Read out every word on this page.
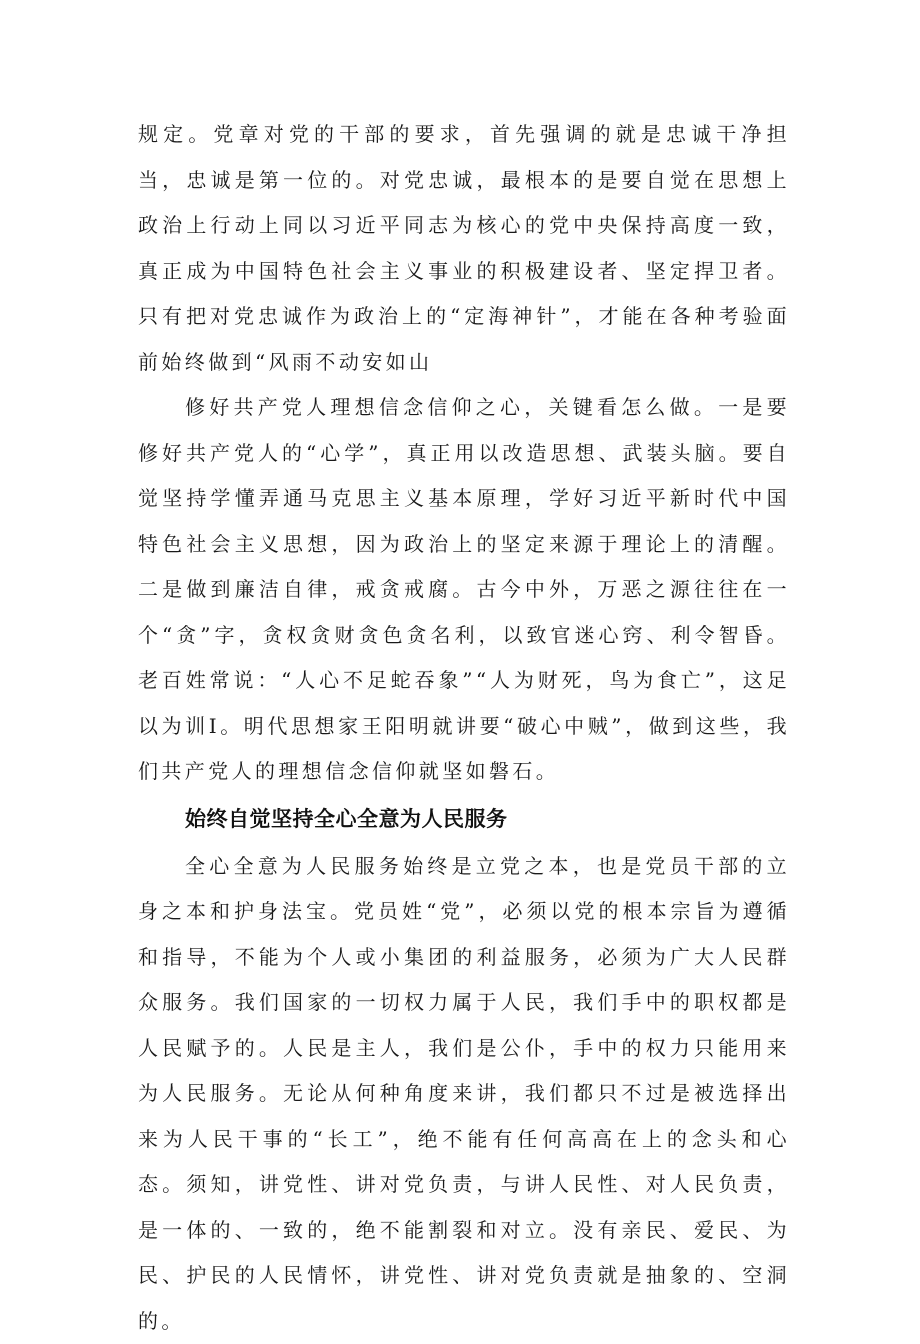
规定。党章对党的干部的要求，首先强调的就是忠诚干净担当，忠诚是第一位的。对党忠诚，最根本的是要自觉在思想上政治上行动上同以习近平同志为核心的党中央保持高度一致，真正成为中国特色社会主义事业的积极建设者、坚定捍卫者。只有把对党忠诚作为政治上的“定海神针”，才能在各种考验面前始终做到“风雨不动安如山

修好共产党人理想信念信仰之心，关键看怎么做。一是要修好共产党人的“心学”，真正用以改造思想、武装头脑。要自觉坚持学懂弄通马克思主义基本原理，学好习近平新时代中国特色社会主义思想，因为政治上的坚定来源于理论上的清醒。二是做到廉洁自律，戒贪戒腐。古今中外，万恶之源往往在一个“贪”字，贪权贪财贪色贪名利，以致官迷心窍、利令智昏。老百姓常说：“人心不足蛇吞象”“人为财死，鸟为食亡”，这足以为训I。明代思想家王阳明就讲要“破心中贼”，做到这些，我们共产党人的理想信念信仰就坚如磐石。

始终自觉坚持全心全意为人民服务

全心全意为人民服务始终是立党之本，也是党员干部的立身之本和护身法宝。党员姓“党”，必须以党的根本宗旨为遵循和指导，不能为个人或小集团的利益服务，必须为广大人民群众服务。我们国家的一切权力属于人民，我们手中的职权都是人民赋予的。人民是主人，我们是公仆，手中的权力只能用来为人民服务。无论从何种角度来讲，我们都只不过是被选择出来为人民干事的“长工”，绝不能有任何高高在上的念头和心态。须知，讲党性、讲对党负责，与讲人民性、对人民负责，是一体的、一致的，绝不能割裂和对立。没有亲民、爱民、为民、护民的人民情怀，讲党性、讲对党负责就是抽象的、空洞的。
